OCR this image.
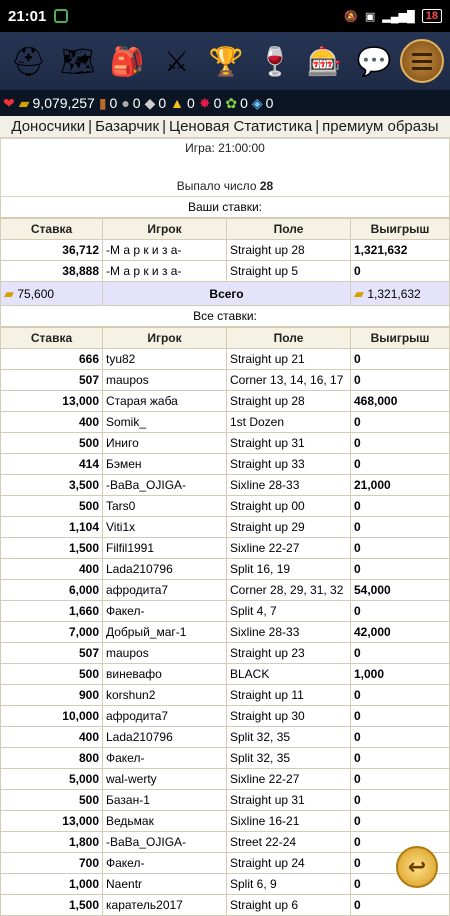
21:01	🔕 ▣ ▂▄▆█	18
⛑ 🗺 🎒 ⚔ 🏆 🍷 🎰 💬
❤ ▰ 9,079,257 ▮ 0 ● 0 ◆ 0 ▲ 0 ✸ 0 ✿ 0 ◈ 0
Доносчики | Базарчик | Ценовая Статистика | премиум образы
Игра: 21:00:00
Выпало число 28
Ваши ставки:
Ставка	Игрок	Поле	Выигрыш
36,712	-М а р к и з а-	Straight up 28	1,321,632
38,888	-М а р к и з а-	Straight up 5	0
▰ 75,600	Всего		▰ 1,321,632
Все ставки:
Ставка	Игрок	Поле	Выигрыш
666	tyu82	Straight up 21	0
507	maupos	Corner 13, 14, 16, 17	0
13,000	Старая жаба	Straight up 28	468,000
400	Somik_	1st Dozen	0
500	Иниго	Straight up 31	0
414	Бэмен	Straight up 33	0
3,500	-BaBa_OJIGA-	Sixline 28-33	21,000
500	Tars0	Straight up 00	0
1,104	Viti1x	Straight up 29	0
1,500	Filfil1991	Sixline 22-27	0
400	Lada210796	Split 16, 19	0
6,000	афродита7	Corner 28, 29, 31, 32	54,000
1,660	Факел-	Split 4, 7	0
7,000	Добрый_маг-1	Sixline 28-33	42,000
507	maupos	Straight up 23	0
500	виневафо	BLACK	1,000
900	korshun2	Straight up 11	0
10,000	афродита7	Straight up 30	0
400	Lada210796	Split 32, 35	0
800	Факел-	Split 32, 35	0
5,000	wal-werty	Sixline 22-27	0
500	Базан-1	Straight up 31	0
13,000	Ведьмак	Sixline 16-21	0
1,800	-BaBa_OJIGA-	Street 22-24	0
700	Факел-	Straight up 24	0
1,000	Naentr	Split 6, 9	0
1,500	каратель2017	Straight up 6	0
↩
